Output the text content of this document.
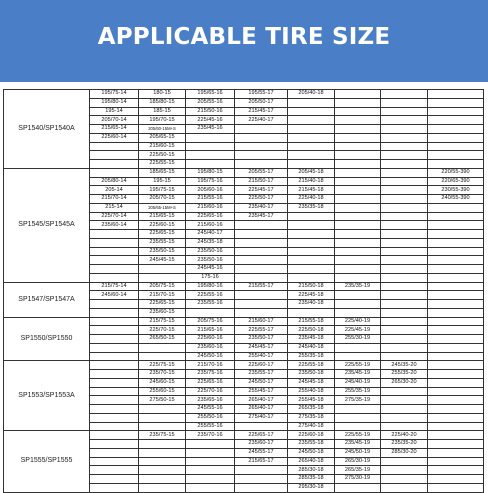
APPLICABLE TIRE SIZE
SP1540/SP1540A	195/75-14	180-15	195/65-16	195/55-17	205/40-18			
	195/80-14	185/80-15	205/55-16	205/50-17				
	195-14	185-15	215/50-16	215/45-17				
	205/70-14	195/70-15	225/45-16	225/40-17				
	215/65-14	205/60-15M+S	235/45-16					
	225/60-14	205/65-15						
		215/60-15						
		225/50-15						
		225/55-15						
SP1545/SP1545A		185/65-15	195/80-15	205/55-17	205/45-18			220/55-390
	205/80-14	195-15	195/75-16	215/50-17	215/40-18			220/65-390
	205-14	195/75-15	205/60-16	225/45-17	215/45-18			230/55-390
	215/70-14	205/70-15	215/55-16	225/50-17	225/40-18			240/55-390
	215-14	205/65-15M+S	215/60-16	235/40-17	235/35-18			
	225/70-14	215/65-15	225/65-16	235/45-17				
	235/60-14	225/60-15	215/60-16					
		225/65-15	245/40-17					
		235/55-15	245/35-18					
		235/50-15	235/50-16					
		245/45-15	235/50-16					
			245/45-16					
			175-16					
SP1547/SP1547A	215/75-14	205/75-15	195/80-16	215/55-17	215/50-18	235/35-19		
	245/60-14	215/70-15	225/55-16		225/45-18			
		225/65-15	235/55-16		235/40-18			
		235/60-15						
SP1550/SP1550		215/75-15	205/75-16	215/60-17	215/55-18	225/40-19		
		225/70-15	215/65-16	225/55-17	225/50-18	225/45-19		
		265/50-15	225/60-16	235/50-17	235/45-18	255/30-19		
			235/60-16	245/45-17	245/40-18			
			245/50-16	255/40-17	255/35-18			
SP1553/SP1553A		225/75-15	215/70-16	225/60-17	225/55-18	225/55-19	245/35-20	
		235/70-15	235/75-16	235/55-17	235/50-18	235/45-19	255/35-20	
		245/60-15	225/65-16	245/50-17	245/45-18	245/40-19	265/30-20	
		255/60-15	225/70-16	255/45-17	255/40-18	255/35-19		
		275/50-15	235/65-16	265/40-17	255/45-18	275/35-19		
			245/55-16	265/40-17	265/35-18			
			255/50-16	275/40-17	275/35-18			
			255/55-16		275/40-18			
SP1555/SP1555		235/75-15	235/70-16	225/65-17	225/60-18	225/55-19	225/40-20	
				235/60-17	235/55-18	235/45-19	235/35-20	
				245/55-17	245/50-18	245/50-19	285/30-20	
				215/65-17	265/40-18	265/30-19		
					285/30-18	265/35-19		
					285/35-18	275/30-19		
					295/30-18			
